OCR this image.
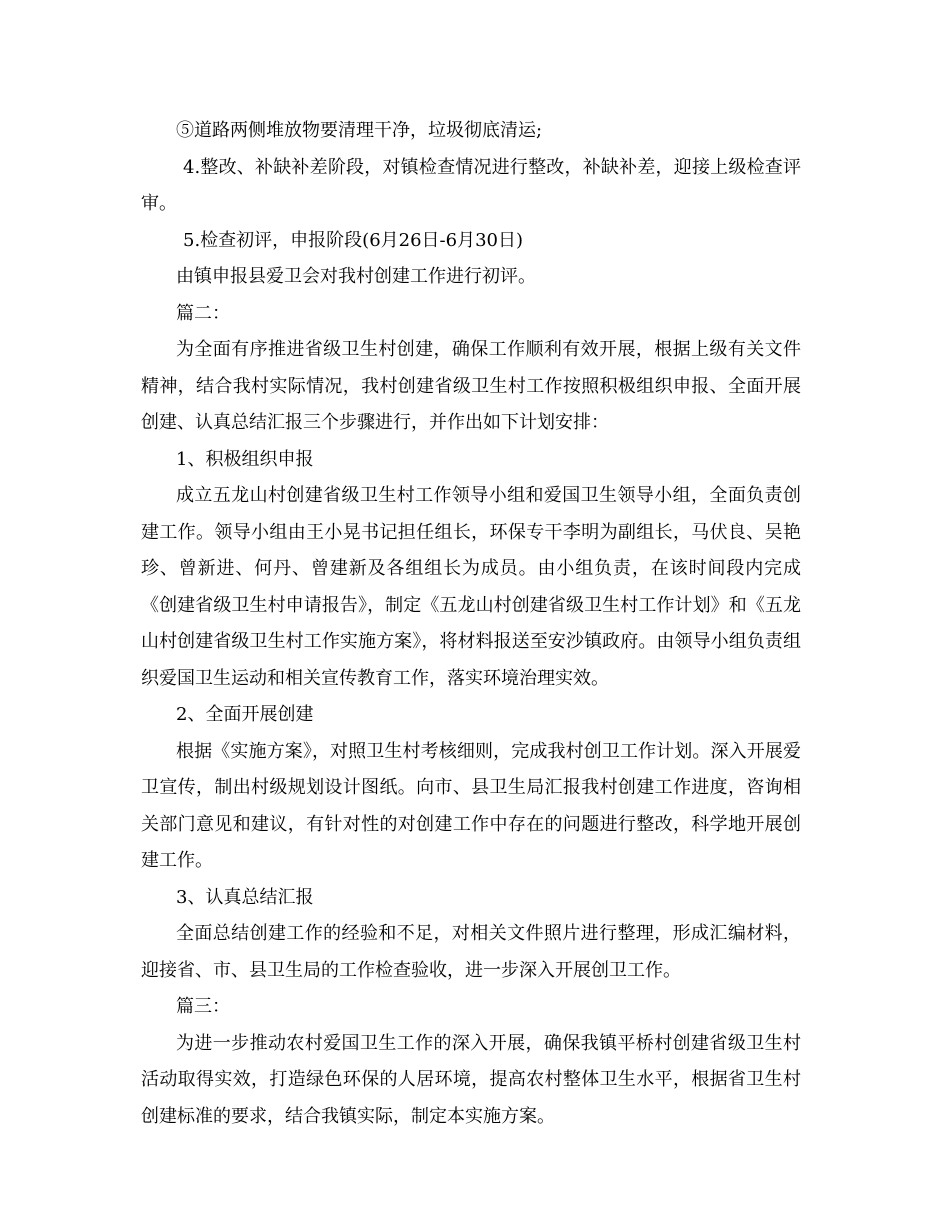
⑤道路两侧堆放物要清理干净，垃圾彻底清运;

4.整改、补缺补差阶段，对镇检查情况进行整改，补缺补差，迎接上级检查评审。

5.检查初评，申报阶段(6月26日-6月30日)

由镇申报县爱卫会对我村创建工作进行初评。

篇二：

为全面有序推进省级卫生村创建，确保工作顺利有效开展，根据上级有关文件精神，结合我村实际情况，我村创建省级卫生村工作按照积极组织申报、全面开展创建、认真总结汇报三个步骤进行，并作出如下计划安排：

1、积极组织申报

成立五龙山村创建省级卫生村工作领导小组和爱国卫生领导小组，全面负责创建工作。领导小组由王小晃书记担任组长，环保专干李明为副组长，马伏良、吴艳珍、曾新进、何丹、曾建新及各组组长为成员。由小组负责，在该时间段内完成《创建省级卫生村申请报告》，制定《五龙山村创建省级卫生村工作计划》和《五龙山村创建省级卫生村工作实施方案》，将材料报送至安沙镇政府。由领导小组负责组织爱国卫生运动和相关宣传教育工作，落实环境治理实效。

2、全面开展创建

根据《实施方案》，对照卫生村考核细则，完成我村创卫工作计划。深入开展爱卫宣传，制出村级规划设计图纸。向市、县卫生局汇报我村创建工作进度，咨询相关部门意见和建议，有针对性的对创建工作中存在的问题进行整改，科学地开展创建工作。

3、认真总结汇报

全面总结创建工作的经验和不足，对相关文件照片进行整理，形成汇编材料，迎接省、市、县卫生局的工作检查验收，进一步深入开展创卫工作。

篇三：

为进一步推动农村爱国卫生工作的深入开展，确保我镇平桥村创建省级卫生村活动取得实效，打造绿色环保的人居环境，提高农村整体卫生水平，根据省卫生村创建标准的要求，结合我镇实际，制定本实施方案。
